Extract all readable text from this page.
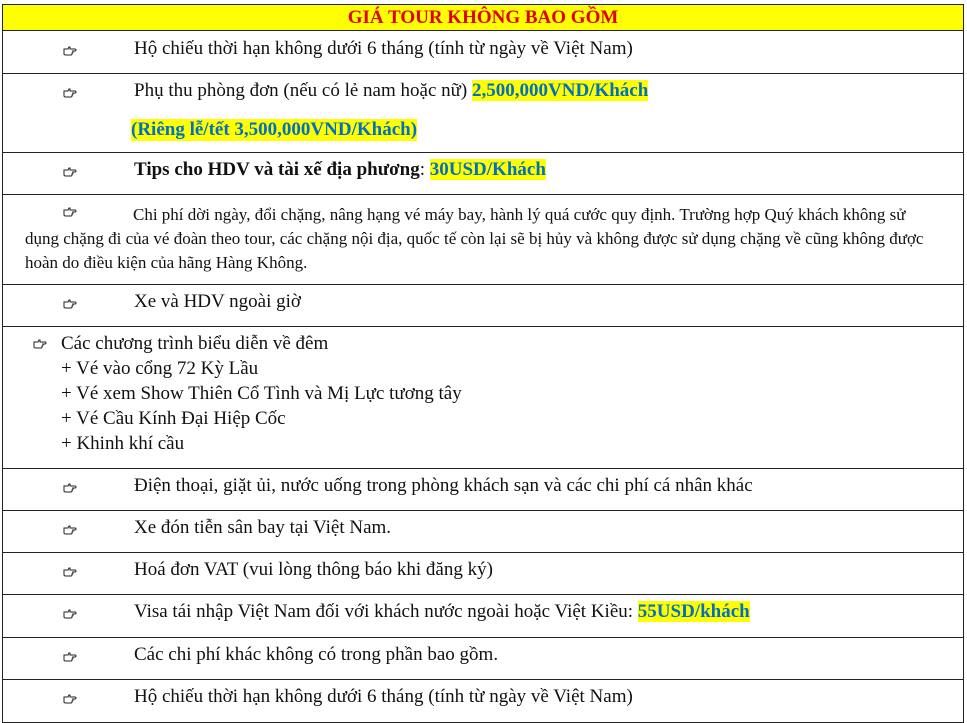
GIÁ TOUR KHÔNG BAO GỒM
Hộ chiếu thời hạn không dưới 6 tháng (tính từ ngày về Việt Nam)
Phụ thu phòng đơn (nếu có lẻ nam hoặc nữ) 2,500,000VND/Khách
(Riêng lễ/tết 3,500,000VND/Khách)
Tips cho HDV và tài xế địa phương: 30USD/Khách
Chi phí dời ngày, đổi chặng, nâng hạng vé máy bay, hành lý quá cước quy định. Trường hợp Quý khách không sử dụng chặng đi của vé đoàn theo tour, các chặng nội địa, quốc tế còn lại sẽ bị hủy và không được sử dụng chặng về cũng không được hoàn do điều kiện của hãng Hàng Không.
Xe và HDV ngoài giờ
Các chương trình biểu diễn về đêm
+ Vé vào cổng 72 Kỳ Lầu
+ Vé xem Show Thiên Cổ Tình và Mị Lực tương tây
+ Vé Cầu Kính Đại Hiệp Cốc
+ Khinh khí cầu
Điện thoại, giặt ủi, nước uống trong phòng khách sạn và các chi phí cá nhân khác
Xe đón tiễn sân bay tại Việt Nam.
Hoá đơn VAT (vui lòng thông báo khi đăng ký)
Visa tái nhập Việt Nam đối với khách nước ngoài hoặc Việt Kiều: 55USD/khách
Các chi phí khác không có trong phần bao gồm.
Hộ chiếu thời hạn không dưới 6 tháng (tính từ ngày về Việt Nam)
